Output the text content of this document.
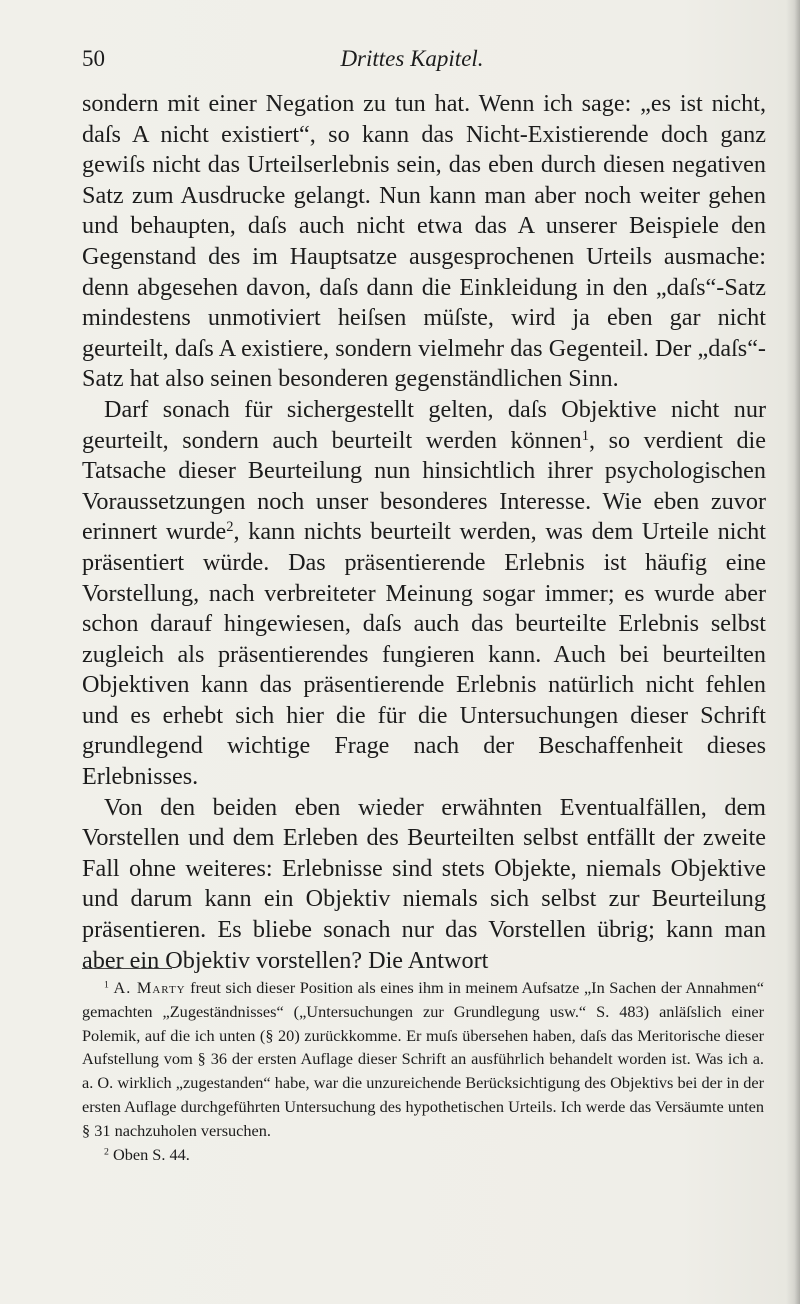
50	Drittes Kapitel.

sondern mit einer Negation zu tun hat. Wenn ich sage: „es ist nicht, daſs A nicht existiert“, so kann das Nicht-Existierende doch ganz gewiſs nicht das Urteilserlebnis sein, das eben durch diesen negativen Satz zum Ausdrucke gelangt. Nun kann man aber noch weiter gehen und behaupten, daſs auch nicht etwa das A unserer Beispiele den Gegenstand des im Hauptsatze ausgesprochenen Urteils ausmache: denn abgesehen davon, daſs dann die Einkleidung in den „daſs“-Satz mindestens unmotiviert heiſsen müſste, wird ja eben gar nicht geurteilt, daſs A existiere, sondern vielmehr das Gegenteil. Der „daſs“-Satz hat also seinen besonderen gegenständlichen Sinn.

Darf sonach für sichergestellt gelten, daſs Objektive nicht nur geurteilt, sondern auch beurteilt werden können$^1$, so verdient die Tatsache dieser Beurteilung nun hinsichtlich ihrer psychologischen Voraussetzungen noch unser besonderes Interesse. Wie eben zuvor erinnert wurde$^2$, kann nichts beurteilt werden, was dem Urteile nicht präsentiert würde. Das präsentierende Erlebnis ist häufig eine Vorstellung, nach verbreiteter Meinung sogar immer; es wurde aber schon darauf hingewiesen, daſs auch das beurteilte Erlebnis selbst zugleich als präsentierendes fungieren kann. Auch bei beurteilten Objektiven kann das präsentierende Erlebnis natürlich nicht fehlen und es erhebt sich hier die für die Untersuchungen dieser Schrift grundlegend wichtige Frage nach der Beschaffenheit dieses Erlebnisses.

Von den beiden eben wieder erwähnten Eventualfällen, dem Vorstellen und dem Erleben des Beurteilten selbst entfällt der zweite Fall ohne weiteres: Erlebnisse sind stets Objekte, niemals Objektive und darum kann ein Objektiv niemals sich selbst zur Beurteilung präsentieren. Es bliebe sonach nur das Vorstellen übrig; kann man aber ein Objektiv vorstellen? Die Antwort

$^1$ A. Marty freut sich dieser Position als eines ihm in meinem Aufsatze „In Sachen der Annahmen“ gemachten „Zugeständnisses“ („Untersuchungen zur Grundlegung usw.“ S. 483) anläſslich einer Polemik, auf die ich unten (§ 20) zurückkomme. Er muſs übersehen haben, daſs das Meritorische dieser Aufstellung vom § 36 der ersten Auflage dieser Schrift an ausführlich behandelt worden ist. Was ich a. a. O. wirklich „zugestanden“ habe, war die unzureichende Berücksichtigung des Objektivs bei der in der ersten Auflage durchgeführten Untersuchung des hypothetischen Urteils. Ich werde das Versäumte unten § 31 nachzuholen versuchen.

$^2$ Oben S. 44.
